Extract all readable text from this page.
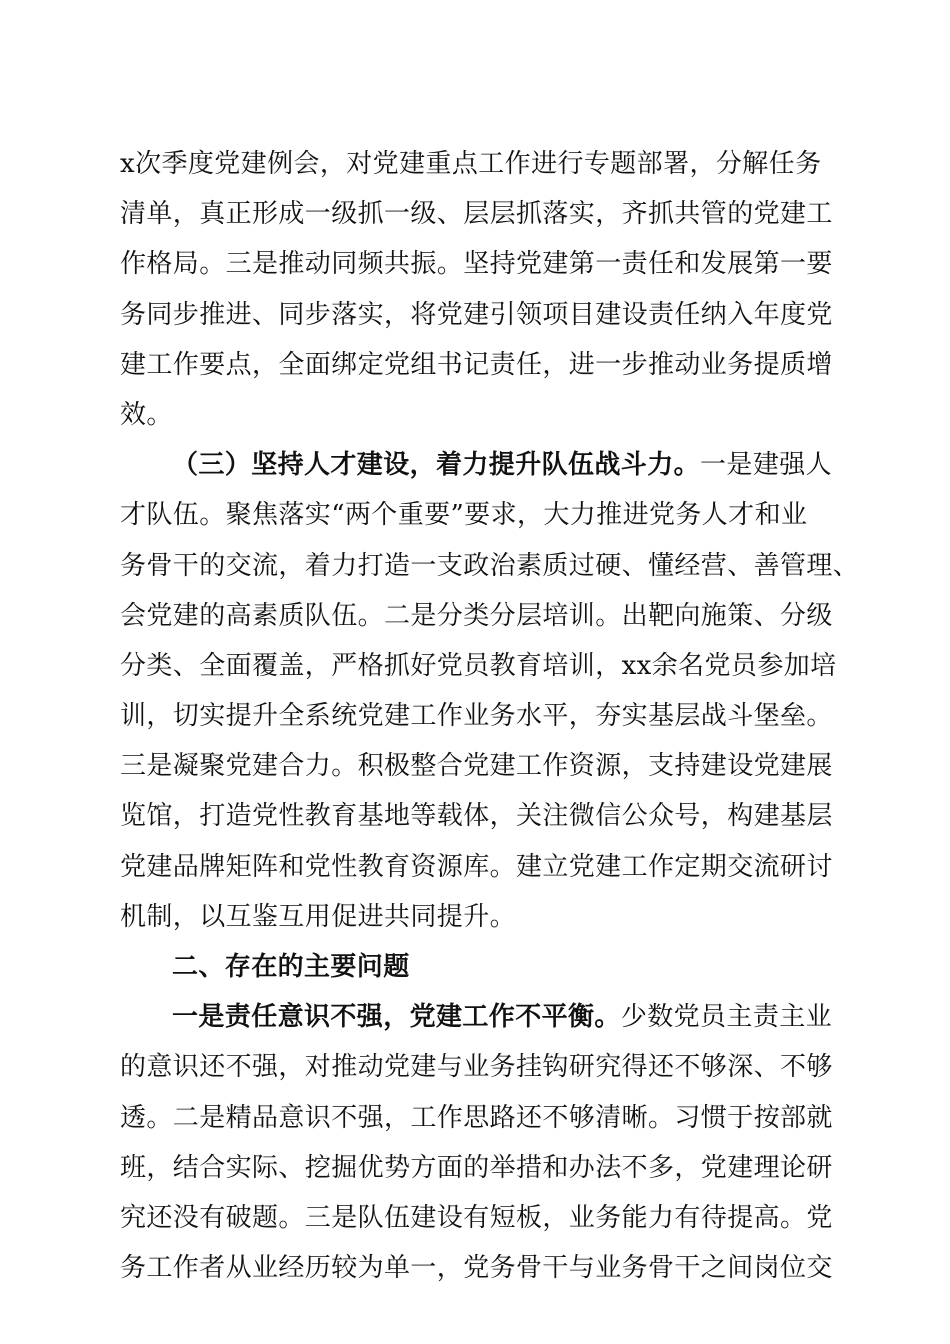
x次季度党建例会，对党建重点工作进行专题部署，分解任务
清单，真正形成一级抓一级、层层抓落实，齐抓共管的党建工
作格局。三是推动同频共振。坚持党建第一责任和发展第一要
务同步推进、同步落实，将党建引领项目建设责任纳入年度党
建工作要点，全面绑定党组书记责任，进一步推动业务提质增
效。
（三）坚持人才建设，着力提升队伍战斗力。一是建强人
才队伍。聚焦落实“两个重要”要求，大力推进党务人才和业
务骨干的交流，着力打造一支政治素质过硬、懂经营、善管理、
会党建的高素质队伍。二是分类分层培训。出靶向施策、分级
分类、全面覆盖，严格抓好党员教育培训，xx余名党员参加培
训，切实提升全系统党建工作业务水平，夯实基层战斗堡垒。
三是凝聚党建合力。积极整合党建工作资源，支持建设党建展
览馆，打造党性教育基地等载体，关注微信公众号，构建基层
党建品牌矩阵和党性教育资源库。建立党建工作定期交流研讨
机制，以互鉴互用促进共同提升。
二、存在的主要问题
一是责任意识不强，党建工作不平衡。少数党员主责主业
的意识还不强，对推动党建与业务挂钩研究得还不够深、不够
透。二是精品意识不强，工作思路还不够清晰。习惯于按部就
班，结合实际、挖掘优势方面的举措和办法不多，党建理论研
究还没有破题。三是队伍建设有短板，业务能力有待提高。党
务工作者从业经历较为单一，党务骨干与业务骨干之间岗位交
